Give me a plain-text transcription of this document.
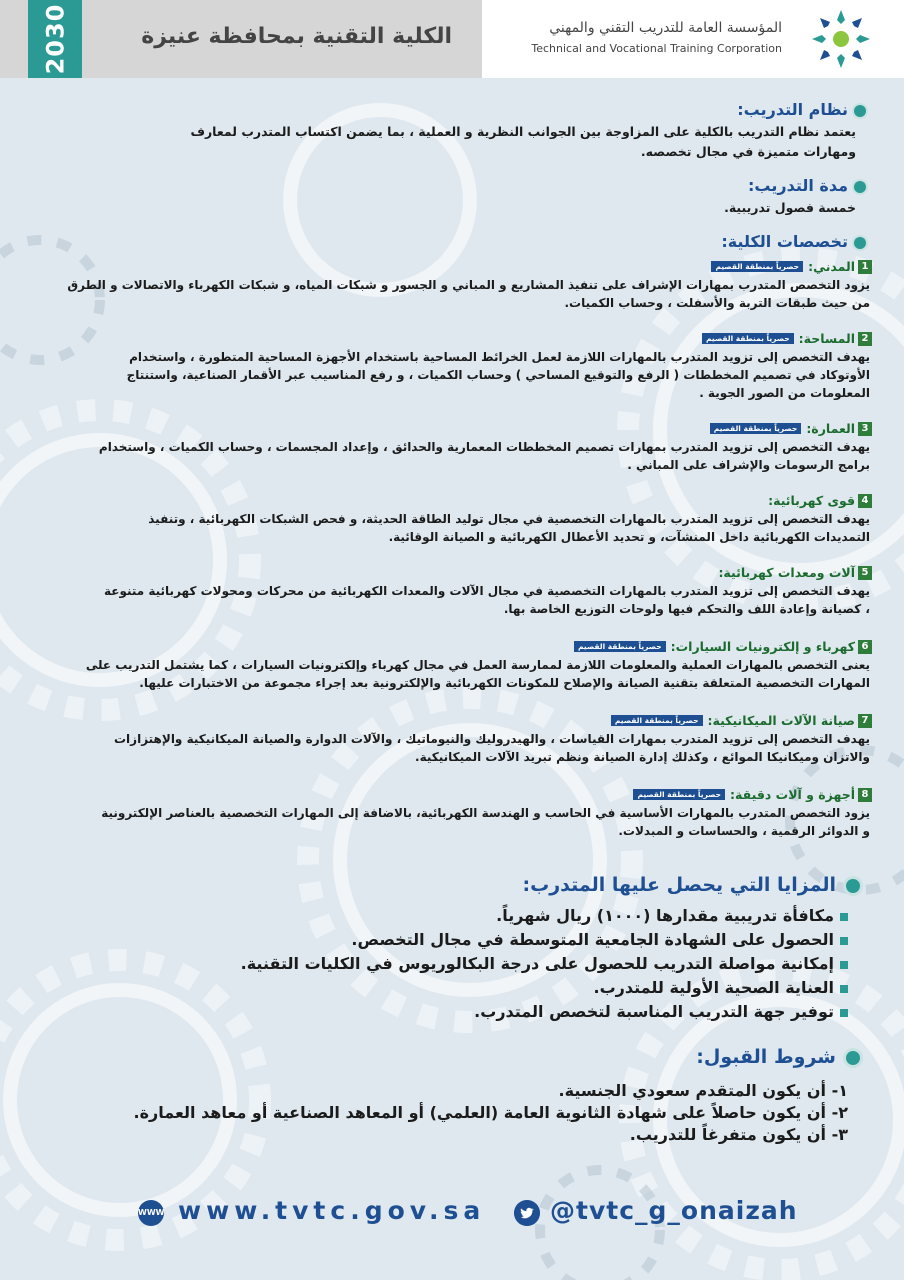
2030	الكلية التقنية بمحافظة عنيزة	المؤسسة العامة للتدريب التقني والمهني
Technical and Vocational Training Corporation
نظام التدريب:
يعتمد نظام التدريب بالكلية على المزاوجة بين الجوانب النظرية و العملية ، بما يضمن اكتساب المتدرب لمعارف
ومهارات متميزة في مجال تخصصه.
مدة التدريب:
خمسة فصول تدريبية.
تخصصات الكلية:
1المدني:حصرياً بمنطقة القصيم
يزود التخصص المتدرب بمهارات الإشراف على تنفيذ المشاريع و المباني و الجسور و شبكات المياه، و شبكات الكهرباء والاتصالات و الطرق
من حيث طبقات التربة والأسفلت ، وحساب الكميات.
2المساحة:حصرياً بمنطقة القصيم
يهدف التخصص إلى تزويد المتدرب بالمهارات اللازمة لعمل الخرائط المساحية باستخدام الأجهزة المساحية المتطورة ، واستخدام
الأوتوكاد في تصميم المخططات ( الرفع والتوقيع المساحي ) وحساب الكميات ، و رفع المناسيب عبر الأقمار الصناعية، واستنتاج
المعلومات من الصور الجوية .
3العمارة:حصرياً بمنطقة القصيم
يهدف التخصص إلى تزويد المتدرب بمهارات تصميم المخططات المعمارية والحدائق ، وإعداد المجسمات ، وحساب الكميات ، واستخدام
برامج الرسومات والإشراف على المباني .
4قوى كهربائية:
يهدف التخصص إلى تزويد المتدرب بالمهارات التخصصية في مجال توليد الطاقة الحديثة، و فحص الشبكات الكهربائية ، وتنفيذ
التمديدات الكهربائية داخل المنشآت، و تحديد الأعطال الكهربائية و الصيانة الوقائية.
5آلات ومعدات كهربائية:
يهدف التخصص إلى تزويد المتدرب بالمهارات التخصصية في مجال الآلات والمعدات الكهربائية من محركات ومحولات كهربائية متنوعة
، كصيانة وإعادة اللف والتحكم فيها ولوحات التوزيع الخاصة بها.
6كهرباء و إلكترونيات السيارات:حصرياً بمنطقة القصيم
يعنى التخصص بالمهارات العملية والمعلومات اللازمة لممارسة العمل في مجال كهرباء وإلكترونيات السيارات ، كما يشتمل التدريب على
المهارات التخصصية المتعلقة بتقنية الصيانة والإصلاح للمكونات الكهربائية والإلكترونية بعد إجراء مجموعة من الاختبارات عليها.
7صيانة الآلات الميكانيكية:حصرياً بمنطقة القصيم
يهدف التخصص إلى تزويد المتدرب بمهارات القياسات ، والهيدروليك والنيوماتيك ، والآلات الدوارة والصيانة الميكانيكية والإهتزازات
والاتزان وميكانيكا الموائع ، وكذلك إدارة الصيانة ونظم تبريد الآلات الميكانيكية.
8أجهزة و آلات دقيقة:حصرياً بمنطقة القصيم
يزود التخصص المتدرب بالمهارات الأساسية في الحاسب و الهندسة الكهربائية، بالاضافة إلى المهارات التخصصية بالعناصر الإلكترونية
و الدوائر الرقمية ، والحساسات و المبدلات.
المزايا التي يحصل عليها المتدرب:
مكافأة تدريبية مقدارها (١٠٠٠) ريال شهرياً.
الحصول على الشهادة الجامعية المتوسطة في مجال التخصص.
إمكانية مواصلة التدريب للحصول على درجة البكالوريوس في الكليات التقنية.
العناية الصحية الأولية للمتدرب.
توفير جهة التدريب المناسبة لتخصص المتدرب.
شروط القبول:
١- أن يكون المتقدم سعودي الجنسية.
٢- أن يكون حاصلاً على شهادة الثانوية العامة (العلمي) أو المعاهد الصناعية أو معاهد العمارة.
٣- أن يكون متفرغاً للتدريب.
WWW www.tvtc.gov.sa	@tvtc_g_onaizah
